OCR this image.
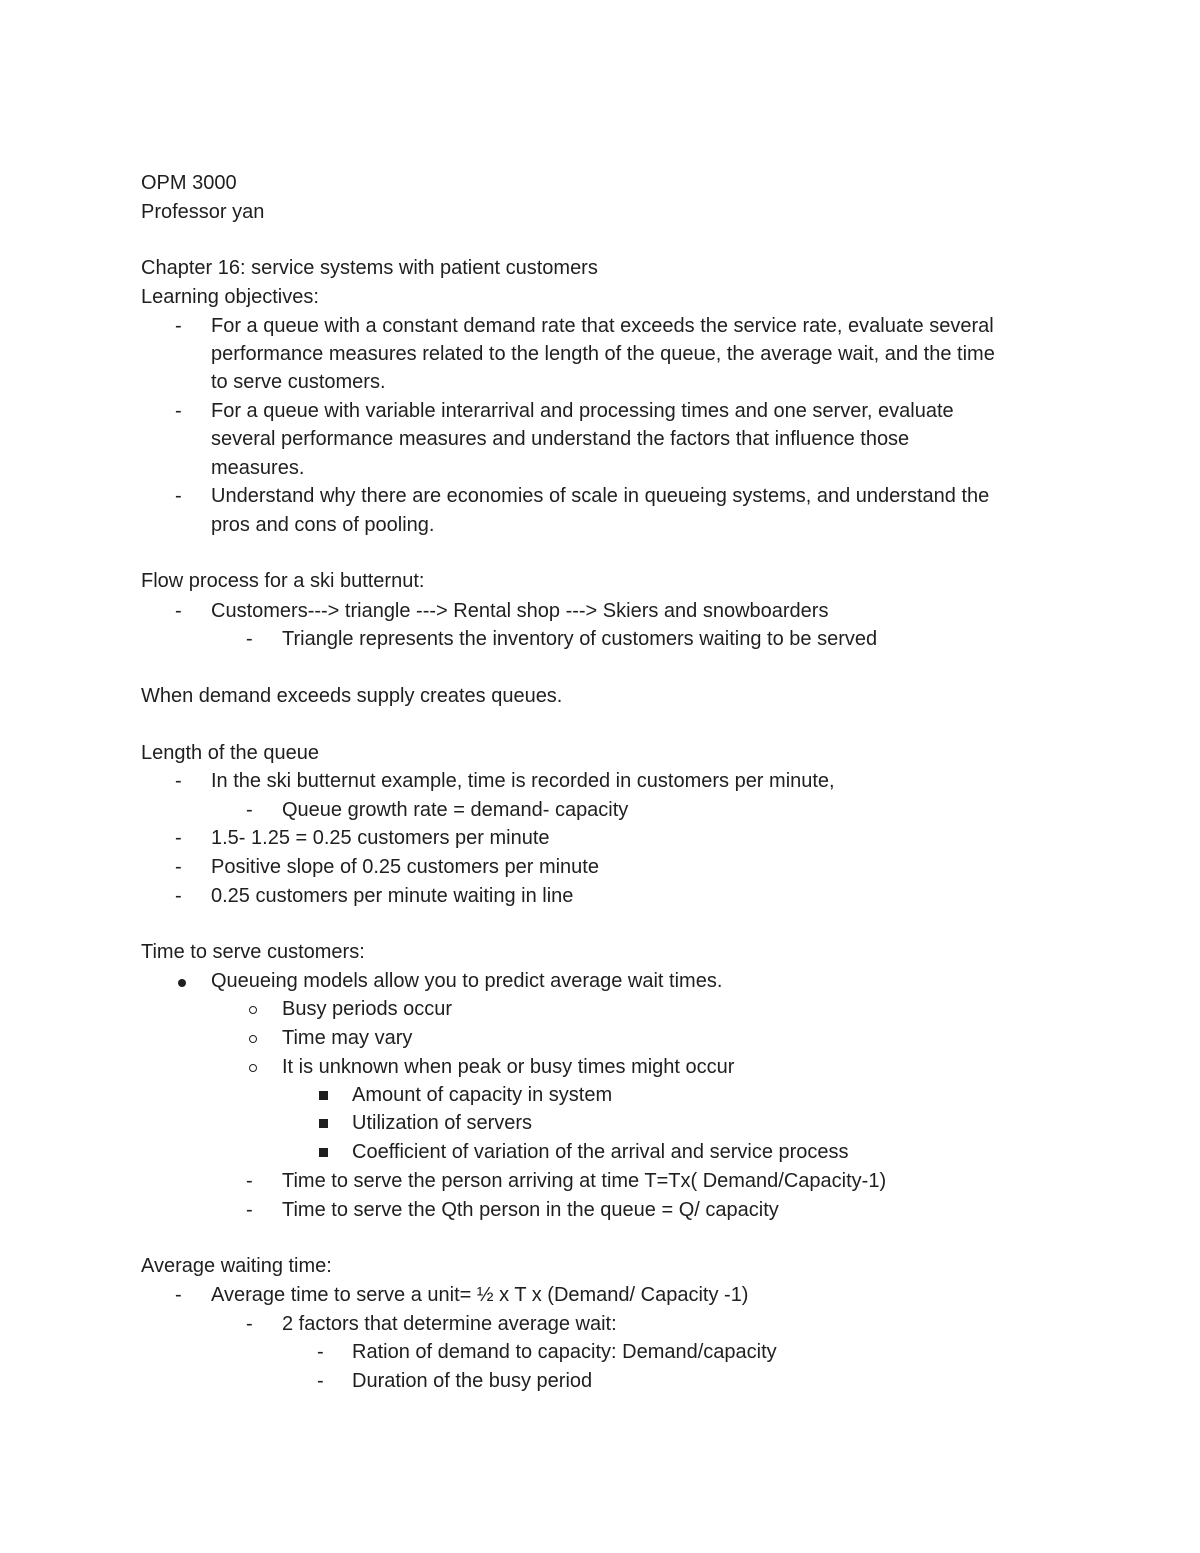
OPM 3000
Professor yan
Chapter 16: service systems with patient customers
Learning objectives:
- For a queue with a constant demand rate that exceeds the service rate, evaluate several
performance measures related to the length of the queue, the average wait, and the time
to serve customers.
- For a queue with variable interarrival and processing times and one server, evaluate
several performance measures and understand the factors that influence those
measures.
- Understand why there are economies of scale in queueing systems, and understand the
pros and cons of pooling.
Flow process for a ski butternut:
- Customers---> triangle ---> Rental shop ---> Skiers and snowboarders
- Triangle represents the inventory of customers waiting to be served
When demand exceeds supply creates queues.
Length of the queue
- In the ski butternut example, time is recorded in customers per minute,
- Queue growth rate = demand- capacity
- 1.5- 1.25 = 0.25 customers per minute
- Positive slope of 0.25 customers per minute
- 0.25 customers per minute waiting in line
Time to serve customers:
Queueing models allow you to predict average wait times.
Busy periods occur
Time may vary
It is unknown when peak or busy times might occur
Amount of capacity in system
Utilization of servers
Coefficient of variation of the arrival and service process
- Time to serve the person arriving at time T=Tx( Demand/Capacity-1)
- Time to serve the Qth person in the queue = Q/ capacity
Average waiting time:
- Average time to serve a unit= ½ x T x (Demand/ Capacity -1)
- 2 factors that determine average wait:
- Ration of demand to capacity: Demand/capacity
- Duration of the busy period
